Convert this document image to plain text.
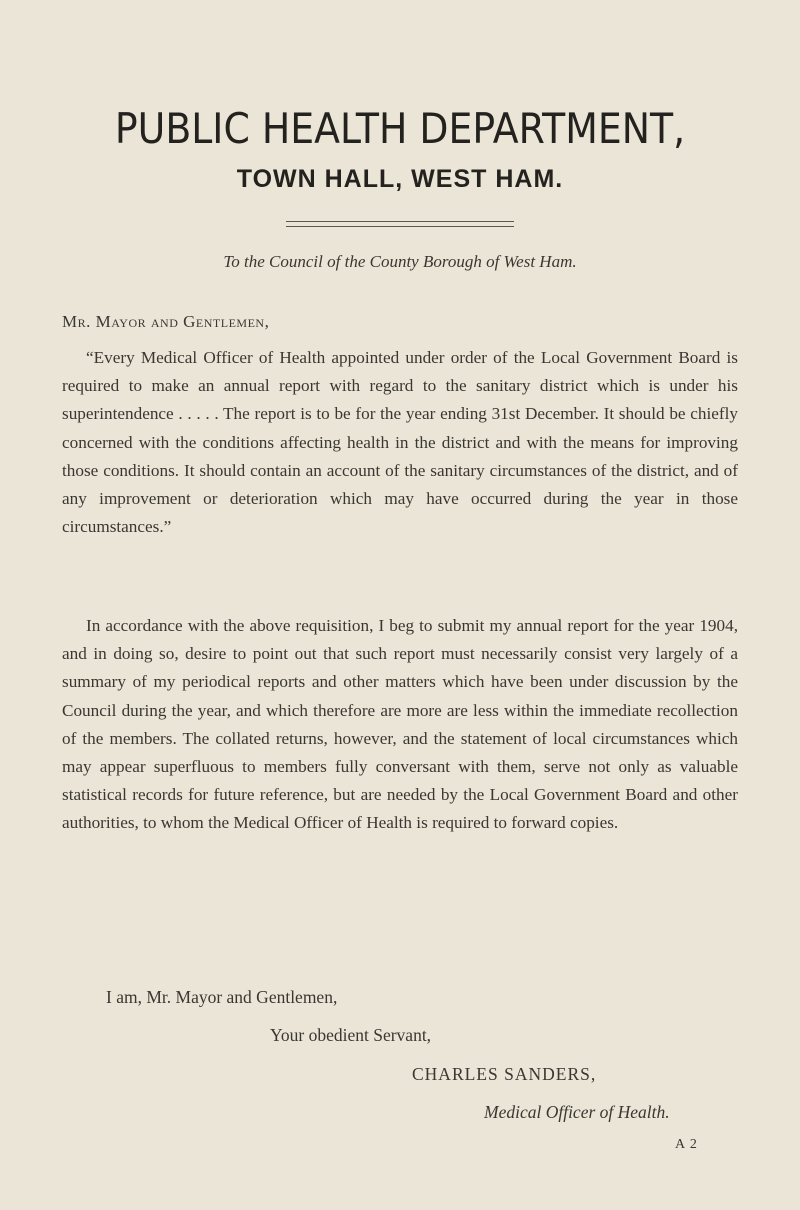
PUBLIC HEALTH DEPARTMENT,
TOWN HALL, WEST HAM.
To the Council of the County Borough of West Ham.
Mr. Mayor and Gentlemen,

“Every Medical Officer of Health appointed under order of the Local Government Board is required to make an annual report with regard to the sanitary district which is under his superintendence . . . . . The report is to be for the year ending 31st December. It should be chiefly concerned with the conditions affecting health in the district and with the means for improving those conditions. It should contain an account of the sanitary circumstances of the district, and of any improvement or deterioration which may have occurred during the year in those circumstances.”

In accordance with the above requisition, I beg to submit my annual report for the year 1904, and in doing so, desire to point out that such report must necessarily consist very largely of a summary of my periodical reports and other matters which have been under discussion by the Council during the year, and which therefore are more are less within the immediate recollection of the members. The collated returns, however, and the statement of local circumstances which may appear superfluous to members fully conversant with them, serve not only as valuable statistical records for future reference, but are needed by the Local Government Board and other authorities, to whom the Medical Officer of Health is required to forward copies.

I am, Mr. Mayor and Gentlemen,
Your obedient Servant,
CHARLES SANDERS,
Medical Officer of Health.
A 2
